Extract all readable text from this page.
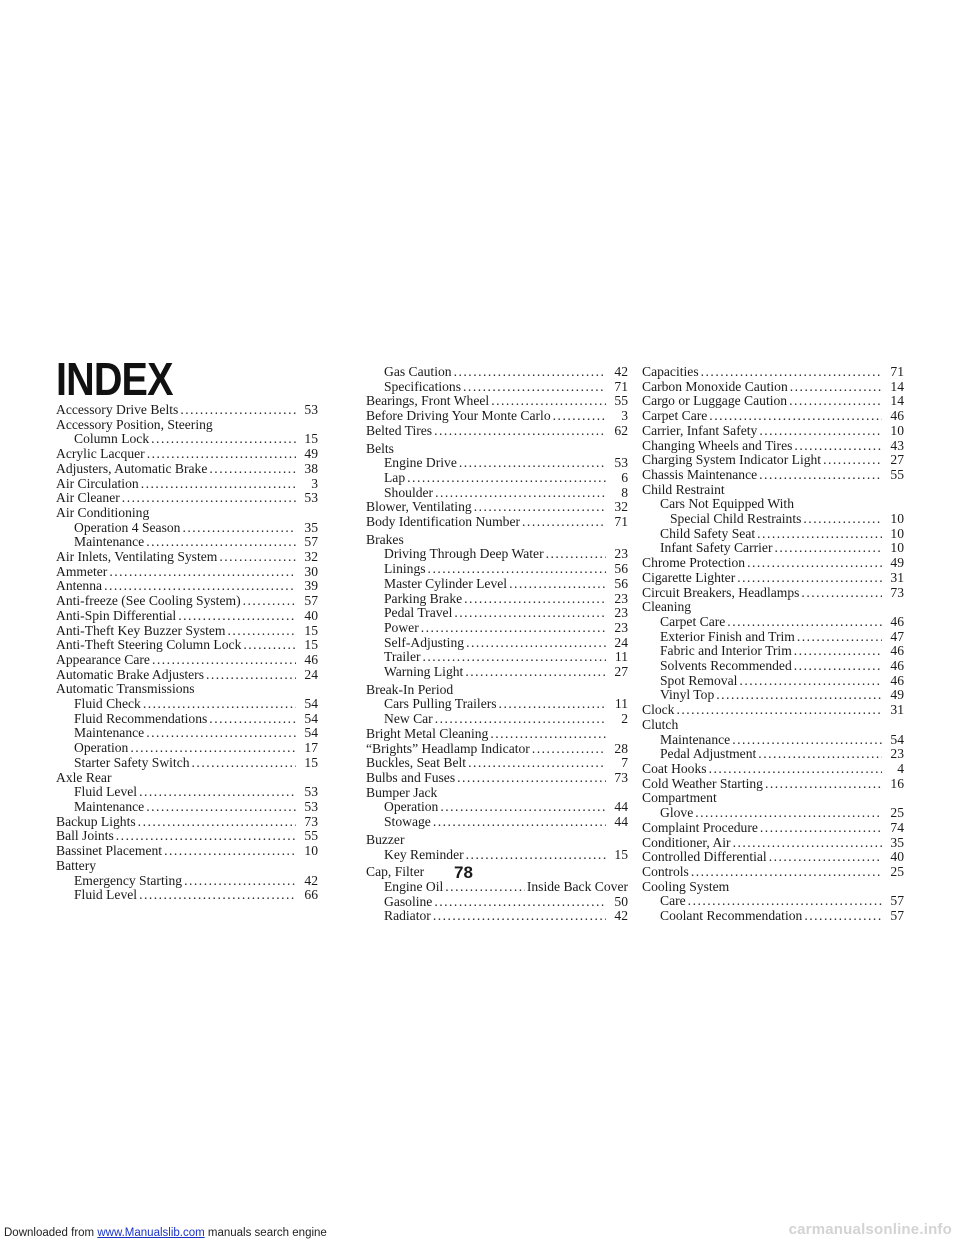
INDEX
Accessory Drive Belts .....	53
Accessory Position, Steering
Column Lock .....	15
Acrylic Lacquer .....	49
Adjusters, Automatic Brake .....	38
Air Circulation .....	3
Air Cleaner .....	53
Air Conditioning
Operation 4 Season .....	35
Maintenance .....	57
Air Inlets, Ventilating System .....	32
Ammeter .....	30
Antenna .....	39
Anti-freeze (See Cooling System) .....	57
Anti-Spin Differential .....	40
Anti-Theft Key Buzzer System .....	15
Anti-Theft Steering Column Lock .....	15
Appearance Care .....	46
Automatic Brake Adjusters .....	24
Automatic Transmissions
Fluid Check .....	54
Fluid Recommendations .....	54
Maintenance .....	54
Operation .....	17
Starter Safety Switch .....	15
Axle Rear
Fluid Level .....	53
Maintenance .....	53
Backup Lights .....	73
Ball Joints .....	55
Bassinet Placement .....	10
Battery
Emergency Starting .....	42
Fluid Level .....	66
Gas Caution .....	42
Specifications .....	71
Bearings, Front Wheel .....	55
Before Driving Your Monte Carlo .....	3
Belted Tires .....	62
Belts
Engine Drive .....	53
Lap .....	6
Shoulder .....	8
Blower, Ventilating .....	32
Body Identification Number .....	71
Brakes
Driving Through Deep Water .....	23
Linings .....	56
Master Cylinder Level .....	56
Parking Brake .....	23
Pedal Travel .....	23
Power .....	23
Self-Adjusting .....	24
Trailer .....	11
Warning Light .....	27
Break-In Period
Cars Pulling Trailers .....	11
New Car .....	2
Bright Metal Cleaning
.....
“Brights” Headlamp Indicator .....	28
Buckles, Seat Belt .....	7
Bulbs and Fuses .....	73
Bumper Jack
Operation .....	44
Stowage .....	44
Buzzer
Key Reminder .....	15
Cap, Filter
Engine Oil .....	Inside Back Cover
Gasoline .....	50
Radiator .....	42
Capacities .....	71
Carbon Monoxide Caution .....	14
Cargo or Luggage Caution .....	14
Carpet Care .....	46
Carrier, Infant Safety .....	10
Changing Wheels and Tires .....	43
Charging System Indicator Light .....	27
Chassis Maintenance .....	55
Child Restraint
Cars Not Equipped With
Special Child Restraints .....	10
Child Safety Seat .....	10
Infant Safety Carrier .....	10
Chrome Protection .....	49
Cigarette Lighter .....	31
Circuit Breakers, Headlamps .....	73
Cleaning
Carpet Care .....	46
Exterior Finish and Trim .....	47
Fabric and Interior Trim .....	46
Solvents Recommended .....	46
Spot Removal .....	46
Vinyl Top .....	49
Clock .....	31
Clutch
Maintenance .....	54
Pedal Adjustment .....	23
Coat Hooks .....	4
Cold Weather Starting .....	16
Compartment
Glove .....	25
Complaint Procedure .....	74
Conditioner, Air .....	35
Controlled Differential .....	40
Controls .....	25
Cooling System
Care .....	57
Coolant Recommendation .....	57
78
Downloaded from www.Manualslib.com manuals search engine	carmanualsonline.info
